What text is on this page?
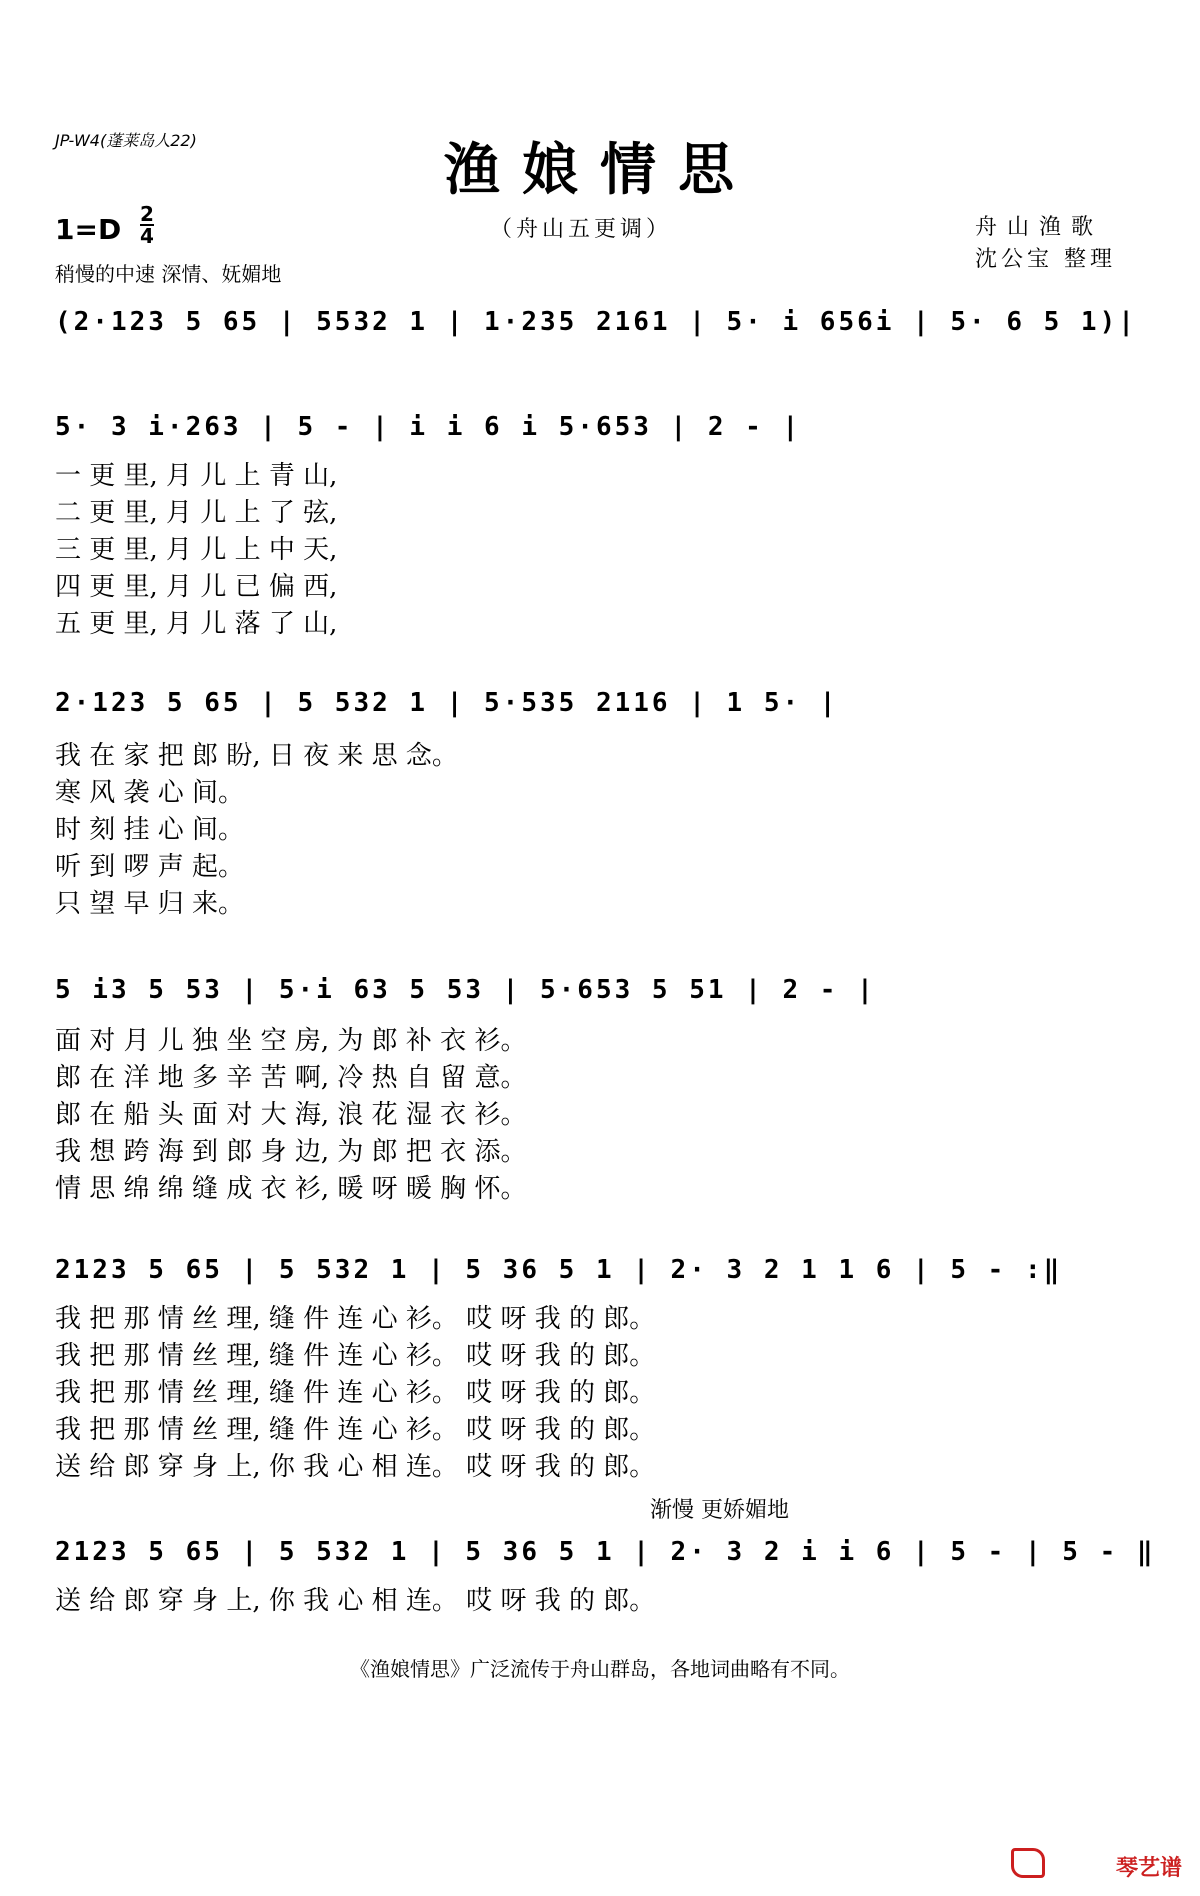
JP-W4(蓬莱岛人22)	渔娘情思
1=D 2
4
稍慢的中速 深情、妩媚地
（舟山五更调）	舟山渔歌
沈公宝 整理
(2·123 5 65 | 5532 1 | 1·235 2161 | 5· i 656i | 5· 6 5 1)|
5· 3 i·263 | 5 - | i i 6 i 5·653 | 2 - |
一 更 里, 月 儿 上 青 山,
二 更 里, 月 儿 上 了 弦,
三 更 里, 月 儿 上 中 天,
四 更 里, 月 儿 已 偏 西,
五 更 里, 月 儿 落 了 山,
2·123 5 65 | 5 532 1 | 5·535 2116 | 1 5· |
我 在 家 把 郎 盼, 日 夜 来 思 念。
寒 风 袭 心 间。
时 刻 挂 心 间。
听 到 啰 声 起。
只 望 早 归 来。
5 i3 5 53 | 5·i 63 5 53 | 5·653 5 51 | 2 - |
面 对 月 儿 独 坐 空 房, 为 郎 补 衣 衫。
郎 在 洋 地 多 辛 苦 啊, 冷 热 自 留 意。
郎 在 船 头 面 对 大 海, 浪 花 湿 衣 衫。
我 想 跨 海 到 郎 身 边, 为 郎 把 衣 添。
情 思 绵 绵 缝 成 衣 衫, 暖 呀 暖 胸 怀。
2123 5 65 | 5 532 1 | 5 36 5 1 | 2· 3 2 1 1 6 | 5 - :‖
我 把 那 情 丝 理, 缝 件 连 心 衫。 哎 呀 我 的 郎。
我 把 那 情 丝 理, 缝 件 连 心 衫。 哎 呀 我 的 郎。
我 把 那 情 丝 理, 缝 件 连 心 衫。 哎 呀 我 的 郎。
我 把 那 情 丝 理, 缝 件 连 心 衫。 哎 呀 我 的 郎。
送 给 郎 穿 身 上, 你 我 心 相 连。 哎 呀 我 的 郎。
渐慢 更娇媚地
2123 5 65 | 5 532 1 | 5 36 5 1 | 2· 3 2 i i 6 | 5 - | 5 - ‖
送 给 郎 穿 身 上, 你 我 心 相 连。 哎 呀 我 的 郎。
《渔娘情思》广泛流传于舟山群岛，各地词曲略有不同。
琴艺谱
